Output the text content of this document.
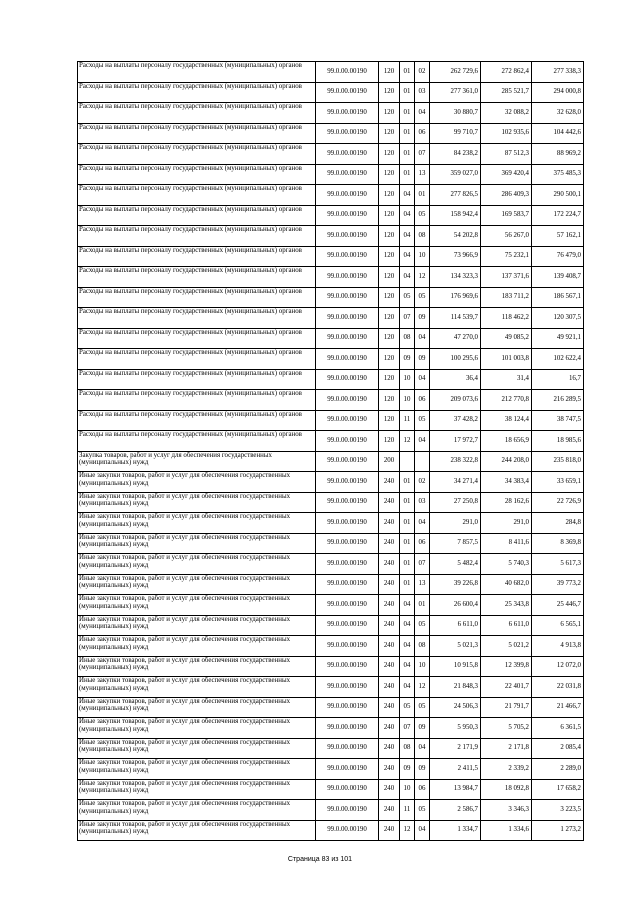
Расходы на выплаты персоналу государственных (муниципальных) органов	99.0.00.00190	120	01	02	262 729,6	272 862,4	277 338,3

Расходы на выплаты персоналу государственных (муниципальных) органов	99.0.00.00190	120	01	03	277 361,0	285 521,7	294 000,8

Расходы на выплаты персоналу государственных (муниципальных) органов	99.0.00.00190	120	01	04	30 880,7	32 088,2	32 628,0

Расходы на выплаты персоналу государственных (муниципальных) органов	99.0.00.00190	120	01	06	99 710,7	102 935,6	104 442,6

Расходы на выплаты персоналу государственных (муниципальных) органов	99.0.00.00190	120	01	07	84 238,2	87 512,3	88 969,2

Расходы на выплаты персоналу государственных (муниципальных) органов	99.0.00.00190	120	01	13	359 027,0	369 420,4	375 485,3

Расходы на выплаты персоналу государственных (муниципальных) органов	99.0.00.00190	120	04	01	277 826,5	286 409,3	290 500,1

Расходы на выплаты персоналу государственных (муниципальных) органов	99.0.00.00190	120	04	05	158 942,4	169 583,7	172 224,7

Расходы на выплаты персоналу государственных (муниципальных) органов	99.0.00.00190	120	04	08	54 202,8	56 267,0	57 162,1

Расходы на выплаты персоналу государственных (муниципальных) органов	99.0.00.00190	120	04	10	73 966,9	75 232,1	76 479,0

Расходы на выплаты персоналу государственных (муниципальных) органов	99.0.00.00190	120	04	12	134 323,3	137 371,6	139 408,7

Расходы на выплаты персоналу государственных (муниципальных) органов	99.0.00.00190	120	05	05	176 969,6	183 711,2	186 567,1

Расходы на выплаты персоналу государственных (муниципальных) органов	99.0.00.00190	120	07	09	114 539,7	118 462,2	120 307,5

Расходы на выплаты персоналу государственных (муниципальных) органов	99.0.00.00190	120	08	04	47 270,0	49 085,2	49 921,1

Расходы на выплаты персоналу государственных (муниципальных) органов	99.0.00.00190	120	09	09	100 295,6	101 003,8	102 622,4

Расходы на выплаты персоналу государственных (муниципальных) органов	99.0.00.00190	120	10	04	36,4	31,4	16,7

Расходы на выплаты персоналу государственных (муниципальных) органов	99.0.00.00190	120	10	06	209 073,6	212 770,8	216 289,5

Расходы на выплаты персоналу государственных (муниципальных) органов	99.0.00.00190	120	11	05	37 428,2	38 124,4	38 747,5

Расходы на выплаты персоналу государственных (муниципальных) органов	99.0.00.00190	120	12	04	17 972,7	18 656,9	18 985,6

Закупка товаров, работ и услуг для обеспечения государственных (муниципальных) нужд	99.0.00.00190	200			238 322,8	244 208,0	235 818,0

Иные закупки товаров, работ и услуг для обеспечения государственных (муниципальных) нужд	99.0.00.00190	240	01	02	34 271,4	34 383,4	33 659,1

Иные закупки товаров, работ и услуг для обеспечения государственных (муниципальных) нужд	99.0.00.00190	240	01	03	27 250,8	28 162,6	22 726,9

Иные закупки товаров, работ и услуг для обеспечения государственных (муниципальных) нужд	99.0.00.00190	240	01	04	291,0	291,0	284,8

Иные закупки товаров, работ и услуг для обеспечения государственных (муниципальных) нужд	99.0.00.00190	240	01	06	7 857,5	8 411,6	8 369,8

Иные закупки товаров, работ и услуг для обеспечения государственных (муниципальных) нужд	99.0.00.00190	240	01	07	5 482,4	5 740,3	5 617,3

Иные закупки товаров, работ и услуг для обеспечения государственных (муниципальных) нужд	99.0.00.00190	240	01	13	39 226,8	40 682,0	39 773,2

Иные закупки товаров, работ и услуг для обеспечения государственных (муниципальных) нужд	99.0.00.00190	240	04	01	26 600,4	25 343,8	25 446,7

Иные закупки товаров, работ и услуг для обеспечения государственных (муниципальных) нужд	99.0.00.00190	240	04	05	6 611,0	6 611,0	6 565,1

Иные закупки товаров, работ и услуг для обеспечения государственных (муниципальных) нужд	99.0.00.00190	240	04	08	5 021,3	5 021,2	4 913,8

Иные закупки товаров, работ и услуг для обеспечения государственных (муниципальных) нужд	99.0.00.00190	240	04	10	10 915,8	12 399,8	12 072,0

Иные закупки товаров, работ и услуг для обеспечения государственных (муниципальных) нужд	99.0.00.00190	240	04	12	21 848,3	22 401,7	22 031,8

Иные закупки товаров, работ и услуг для обеспечения государственных (муниципальных) нужд	99.0.00.00190	240	05	05	24 506,3	21 791,7	21 466,7

Иные закупки товаров, работ и услуг для обеспечения государственных (муниципальных) нужд	99.0.00.00190	240	07	09	5 950,3	5 705,2	6 361,5

Иные закупки товаров, работ и услуг для обеспечения государственных (муниципальных) нужд	99.0.00.00190	240	08	04	2 171,9	2 171,8	2 085,4

Иные закупки товаров, работ и услуг для обеспечения государственных (муниципальных) нужд	99.0.00.00190	240	09	09	2 411,5	2 339,2	2 289,0

Иные закупки товаров, работ и услуг для обеспечения государственных (муниципальных) нужд	99.0.00.00190	240	10	06	13 984,7	18 092,8	17 658,2

Иные закупки товаров, работ и услуг для обеспечения государственных (муниципальных) нужд	99.0.00.00190	240	11	05	2 586,7	3 346,3	3 223,5

Иные закупки товаров, работ и услуг для обеспечения государственных (муниципальных) нужд	99.0.00.00190	240	12	04	1 334,7	1 334,6	1 273,2
Страница 83 из 101
